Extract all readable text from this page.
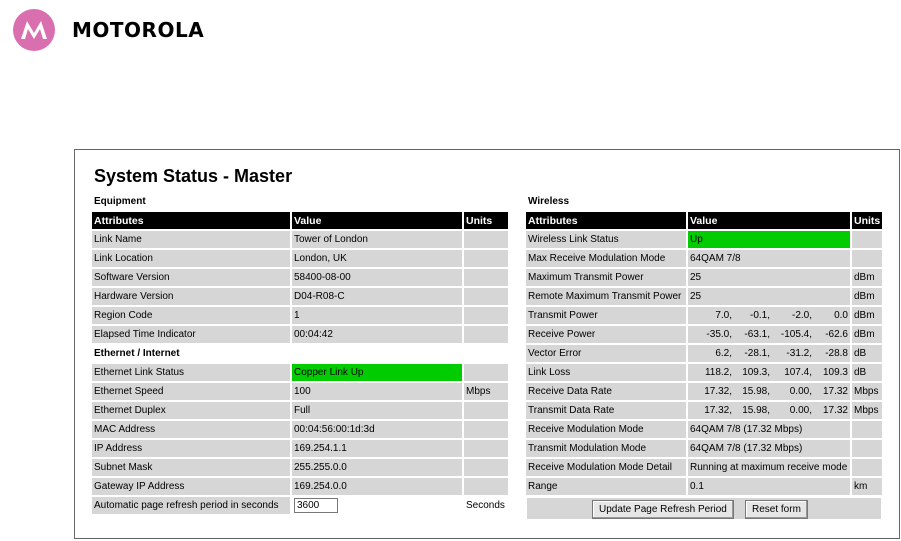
MOTOROLA
System Status - Master
Equipment	Wireless
Attributes	Value	Units
Link Name	Tower of London	
Link Location	London, UK	
Software Version	58400-08-00	
Hardware Version	D04-R08-C	
Region Code	1	
Elapsed Time Indicator	00:04:42	
Ethernet / Internet		
Ethernet Link Status	Copper Link Up	
Ethernet Speed	100	Mbps
Ethernet Duplex	Full	
MAC Address	00:04:56:00:1d:3d	
IP Address	169.254.1.1	
Subnet Mask	255.255.0.0	
Gateway IP Address	169.254.0.0	
Automatic page refresh period in seconds	3600	Seconds
Attributes	Value	Units
Wireless Link Status	Up	
Max Receive Modulation Mode	64QAM 7/8	
Maximum Transmit Power	25	dBm
Remote Maximum Transmit Power	25	dBm
Transmit Power	7.0, -0.1, -2.0, 0.0	dBm
Receive Power	-35.0, -63.1, -105.4, -62.6	dBm
Vector Error	6.2, -28.1, -31.2, -28.8	dB
Link Loss	118.2, 109.3, 107.4, 109.3	dB
Receive Data Rate	17.32, 15.98, 0.00, 17.32	Mbps
Transmit Data Rate	17.32, 15.98, 0.00, 17.32	Mbps
Receive Modulation Mode	64QAM 7/8 (17.32 Mbps)	
Transmit Modulation Mode	64QAM 7/8 (17.32 Mbps)	
Receive Modulation Mode Detail	Running at maximum receive mode	
Range	0.1	km
Update Page Refresh Period	Reset form
